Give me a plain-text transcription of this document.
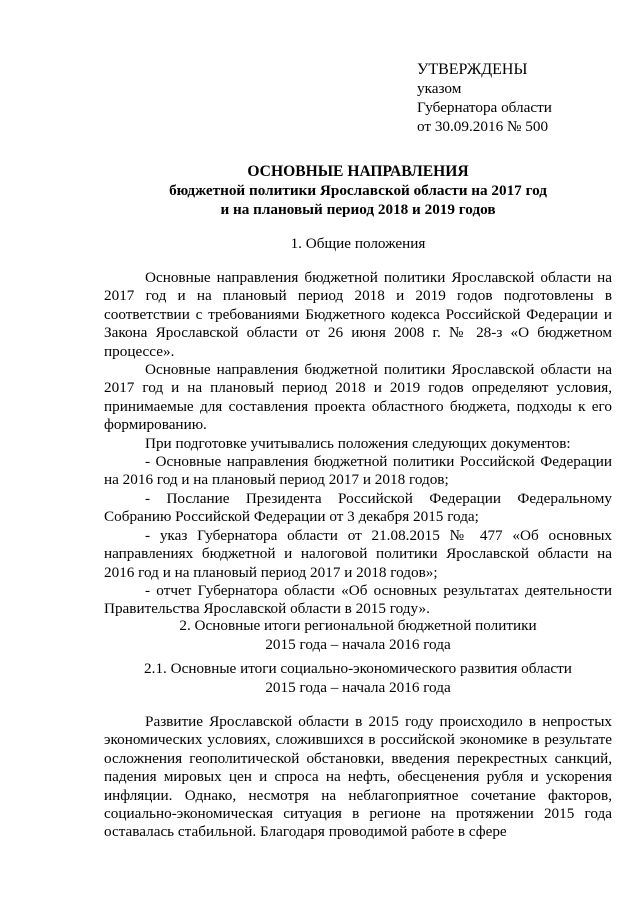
УТВЕРЖДЕНЫ
указом
Губернатора области
от 30.09.2016 № 500
ОСНОВНЫЕ НАПРАВЛЕНИЯ
бюджетной политики Ярославской области на 2017 год
и на плановый период 2018 и 2019 годов
1. Общие положения

Основные направления бюджетной политики Ярославской области на 2017 год и на плановый период 2018 и 2019 годов подготовлены в соответствии с требованиями Бюджетного кодекса Российской Федерации и Закона Ярославской области от 26 июня 2008 г. № 28-з «О бюджетном процессе».

Основные направления бюджетной политики Ярославской области на 2017 год и на плановый период 2018 и 2019 годов определяют условия, принимаемые для составления проекта областного бюджета, подходы к его формированию.

При подготовке учитывались положения следующих документов:

- Основные направления бюджетной политики Российской Федерации на 2016 год и на плановый период 2017 и 2018 годов;

- Послание Президента Российской Федерации Федеральному Собранию Российской Федерации от 3 декабря 2015 года;

- указ Губернатора области от 21.08.2015 № 477 «Об основных направлениях бюджетной и налоговой политики Ярославской области на 2016 год и на плановый период 2017 и 2018 годов»;

- отчет Губернатора области «Об основных результатах деятельности Правительства Ярославской области в 2015 году».

2. Основные итоги региональной бюджетной политики
2015 года – начала 2016 года
2.1. Основные итоги социально-экономического развития области
2015 года – начала 2016 года

Развитие Ярославской области в 2015 году происходило в непростых экономических условиях, сложившихся в российской экономике в результате осложнения геополитической обстановки, введения перекрестных санкций, падения мировых цен и спроса на нефть, обесценения рубля и ускорения инфляции. Однако, несмотря на неблагоприятное сочетание факторов, социально-экономическая ситуация в регионе на протяжении 2015 года оставалась стабильной. Благодаря проводимой работе в сфере
